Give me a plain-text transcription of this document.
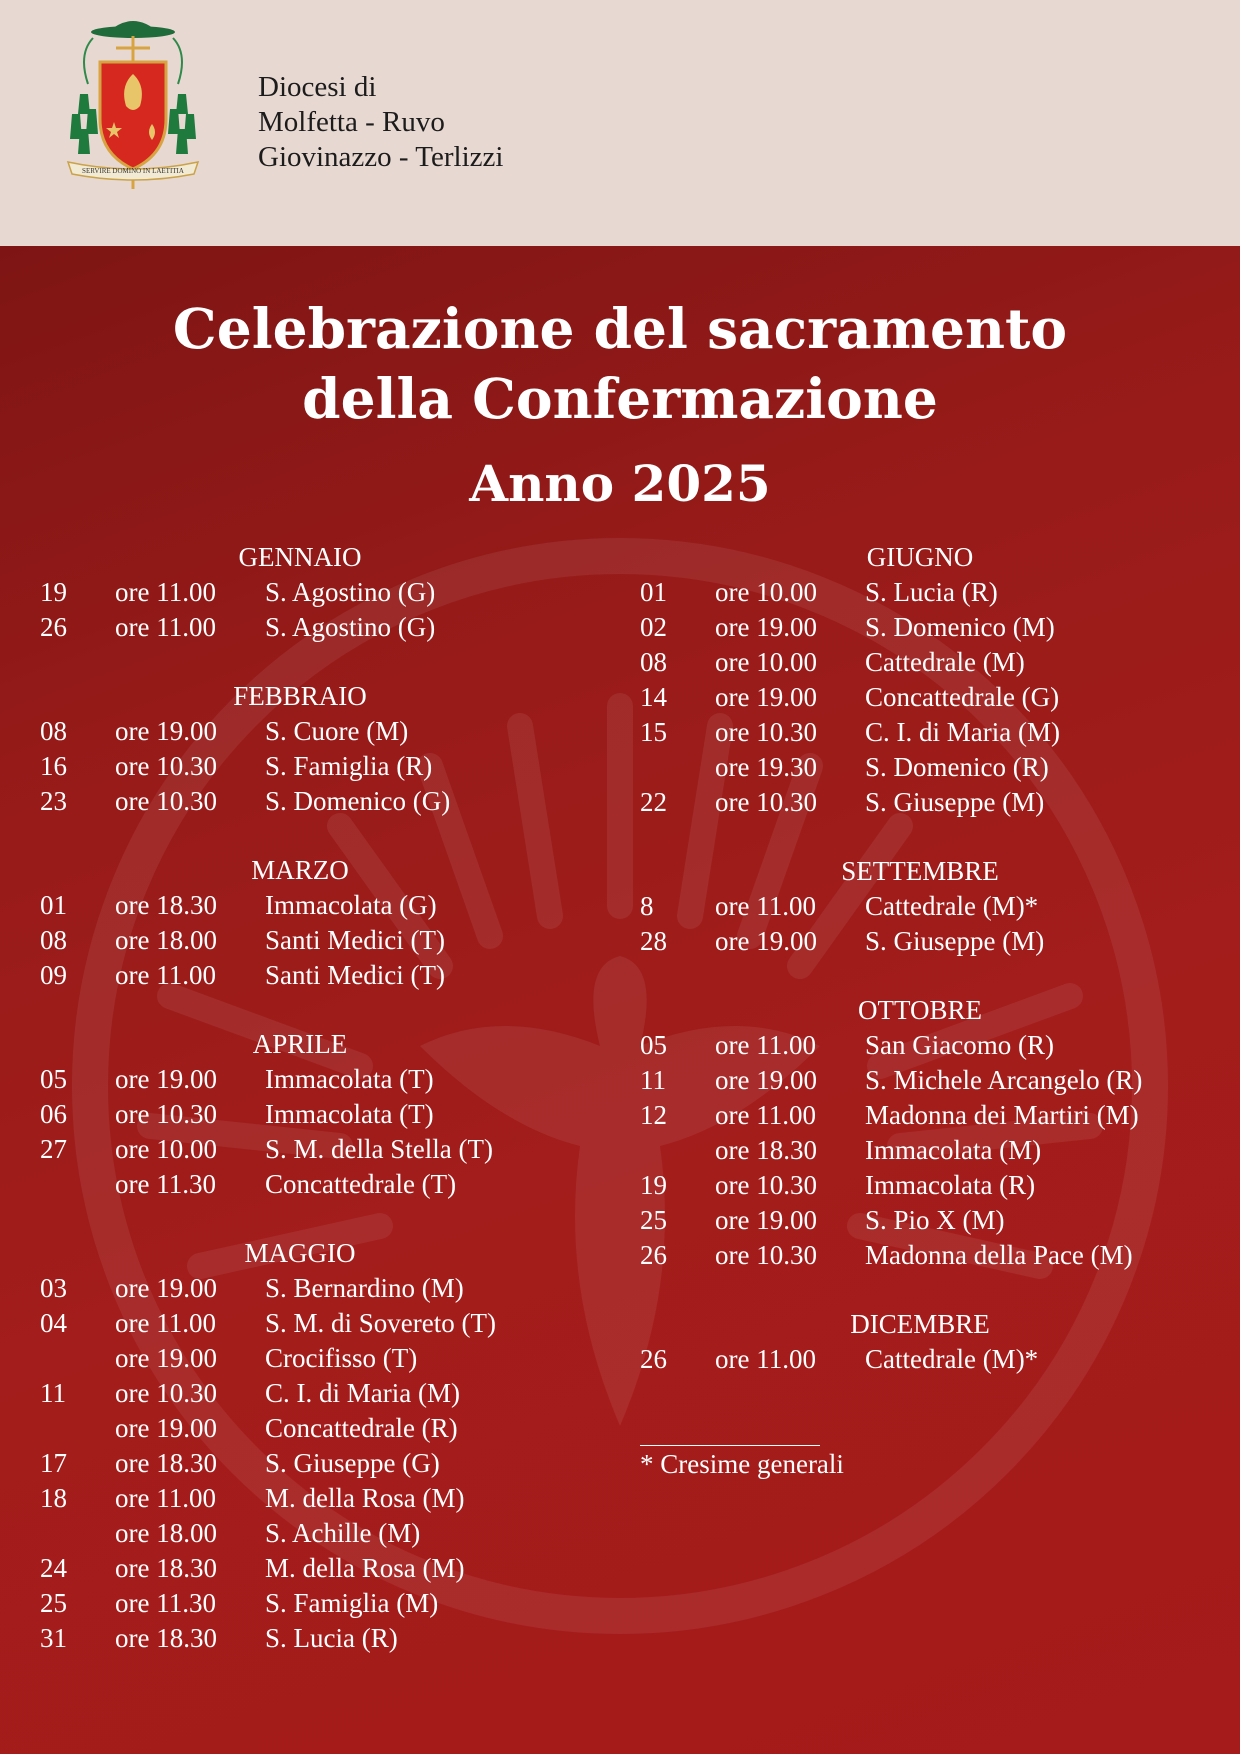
SERVIRE DOMINO IN LAETITIA
Diocesi di
Molfetta - Ruvo
Giovinazzo - Terlizzi
Celebrazione del sacramento
della Confermazione
Anno 2025
GENNAIO
19 ore 11.00 S. Agostino (G)
26 ore 11.00 S. Agostino (G)
FEBBRAIO
08 ore 19.00 S. Cuore (M)
16 ore 10.30 S. Famiglia (R)
23 ore 10.30 S. Domenico (G)
MARZO
01 ore 18.30 Immacolata (G)
08 ore 18.00 Santi Medici (T)
09 ore 11.00 Santi Medici (T)
APRILE
05 ore 19.00 Immacolata (T)
06 ore 10.30 Immacolata (T)
27 ore 10.00 S. M. della Stella (T)
ore 11.30 Concattedrale (T)
MAGGIO
03 ore 19.00 S. Bernardino (M)
04 ore 11.00 S. M. di Sovereto (T)
ore 19.00 Crocifisso (T)
11 ore 10.30 C. I. di Maria (M)
ore 19.00 Concattedrale (R)
17 ore 18.30 S. Giuseppe (G)
18 ore 11.00 M. della Rosa (M)
ore 18.00 S. Achille (M)
24 ore 18.30 M. della Rosa (M)
25 ore 11.30 S. Famiglia (M)
31 ore 18.30 S. Lucia (R)
GIUGNO
01 ore 10.00 S. Lucia (R)
02 ore 19.00 S. Domenico (M)
08 ore 10.00 Cattedrale (M)
14 ore 19.00 Concattedrale (G)
15 ore 10.30 C. I. di Maria (M)
ore 19.30 S. Domenico (R)
22 ore 10.30 S. Giuseppe (M)
SETTEMBRE
8 ore 11.00 Cattedrale (M)*
28 ore 19.00 S. Giuseppe (M)
OTTOBRE
05 ore 11.00 San Giacomo (R)
11 ore 19.00 S. Michele Arcangelo (R)
12 ore 11.00 Madonna dei Martiri (M)
ore 18.30 Immacolata (M)
19 ore 10.30 Immacolata (R)
25 ore 19.00 S. Pio X (M)
26 ore 10.30 Madonna della Pace (M)
DICEMBRE
26 ore 11.00 Cattedrale (M)*
* Cresime generali
